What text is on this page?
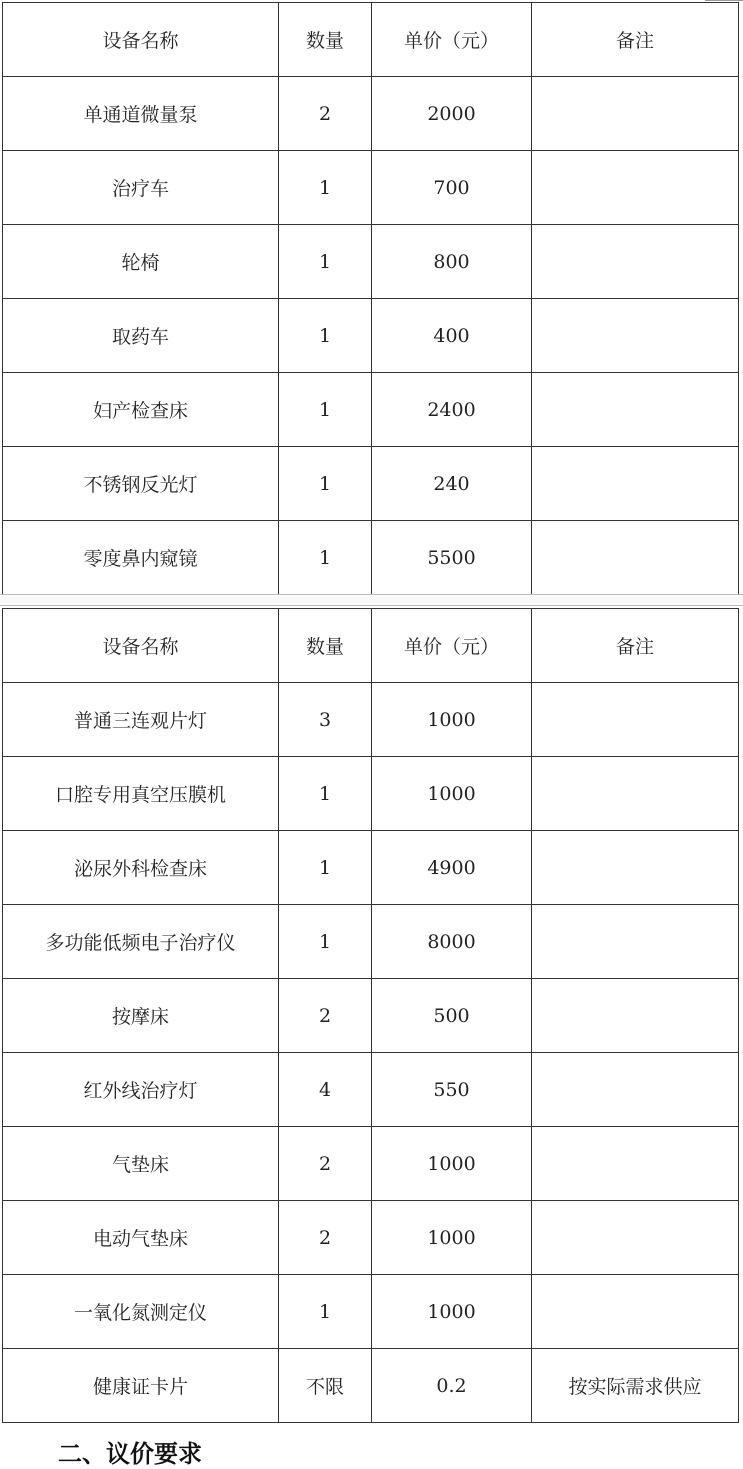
设备名称	数量	单价（元）	备注
单通道微量泵	2	2000	
治疗车	1	700	
轮椅	1	800	
取药车	1	400	
妇产检查床	1	2400	
不锈钢反光灯	1	240	
零度鼻内窥镜	1	5500	
设备名称	数量	单价（元）	备注
普通三连观片灯	3	1000	
口腔专用真空压膜机	1	1000	
泌尿外科检查床	1	4900	
多功能低频电子治疗仪	1	8000	
按摩床	2	500	
红外线治疗灯	4	550	
气垫床	2	1000	
电动气垫床	2	1000	
一氧化氮测定仪	1	1000	
健康证卡片	不限	0.2	按实际需求供应
二、议价要求
